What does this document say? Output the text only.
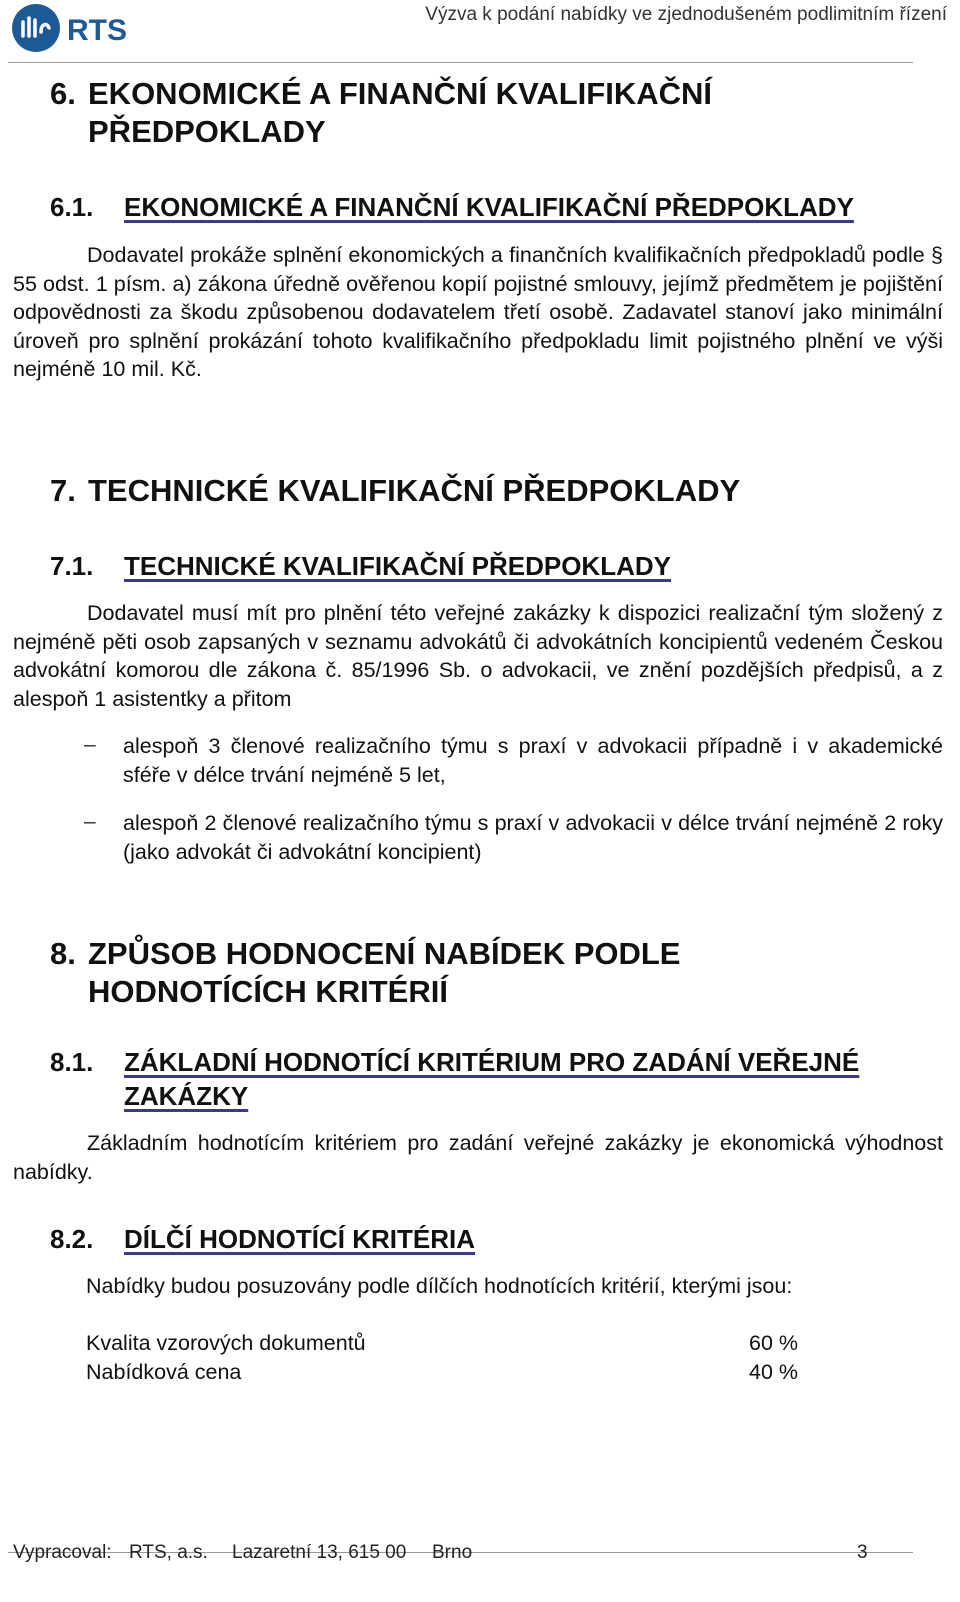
RTS	Výzva k podání nabídky ve zjednodušeném podlimitním řízení
6. EKONOMICKÉ A FINANČNÍ KVALIFIKAČNÍ
PŘEDPOKLADY
6.1. EKONOMICKÉ A FINANČNÍ KVALIFIKAČNÍ PŘEDPOKLADY
Dodavatel prokáže splnění ekonomických a finančních kvalifikačních předpokladů podle § 55 odst. 1 písm. a) zákona úředně ověřenou kopií pojistné smlouvy, jejímž předmětem je pojištění odpovědnosti za škodu způsobenou dodavatelem třetí osobě. Zadavatel stanoví jako minimální úroveň pro splnění prokázání tohoto kvalifikačního předpokladu limit pojistného plnění ve výši nejméně 10 mil. Kč.
7. TECHNICKÉ KVALIFIKAČNÍ PŘEDPOKLADY
7.1. TECHNICKÉ KVALIFIKAČNÍ PŘEDPOKLADY
Dodavatel musí mít pro plnění této veřejné zakázky k dispozici realizační tým složený z nejméně pěti osob zapsaných v seznamu advokátů či advokátních koncipientů vedeném Českou advokátní komorou dle zákona č. 85/1996 Sb. o advokacii, ve znění pozdějších předpisů, a z alespoň 1 asistentky a přitom
– alespoň 3 členové realizačního týmu s praxí v advokacii případně i v akademické sféře v délce trvání nejméně 5 let,
– alespoň 2 členové realizačního týmu s praxí v advokacii v délce trvání nejméně 2 roky (jako advokát či advokátní koncipient)
8. ZPŮSOB HODNOCENÍ NABÍDEK PODLE
HODNOTÍCÍCH KRITÉRIÍ
8.1. ZÁKLADNÍ HODNOTÍCÍ KRITÉRIUM PRO ZADÁNÍ VEŘEJNÉ
ZAKÁZKY
Základním hodnotícím kritériem pro zadání veřejné zakázky je ekonomická výhodnost nabídky.
8.2. DÍLČÍ HODNOTÍCÍ KRITÉRIA
Nabídky budou posuzovány podle dílčích hodnotících kritérií, kterými jsou:
Kvalita vzorových dokumentů	60 %
Nabídková cena	40 %
Vypracoval: RTS, a.s. Lazaretní 13, 615 00 Brno	3
